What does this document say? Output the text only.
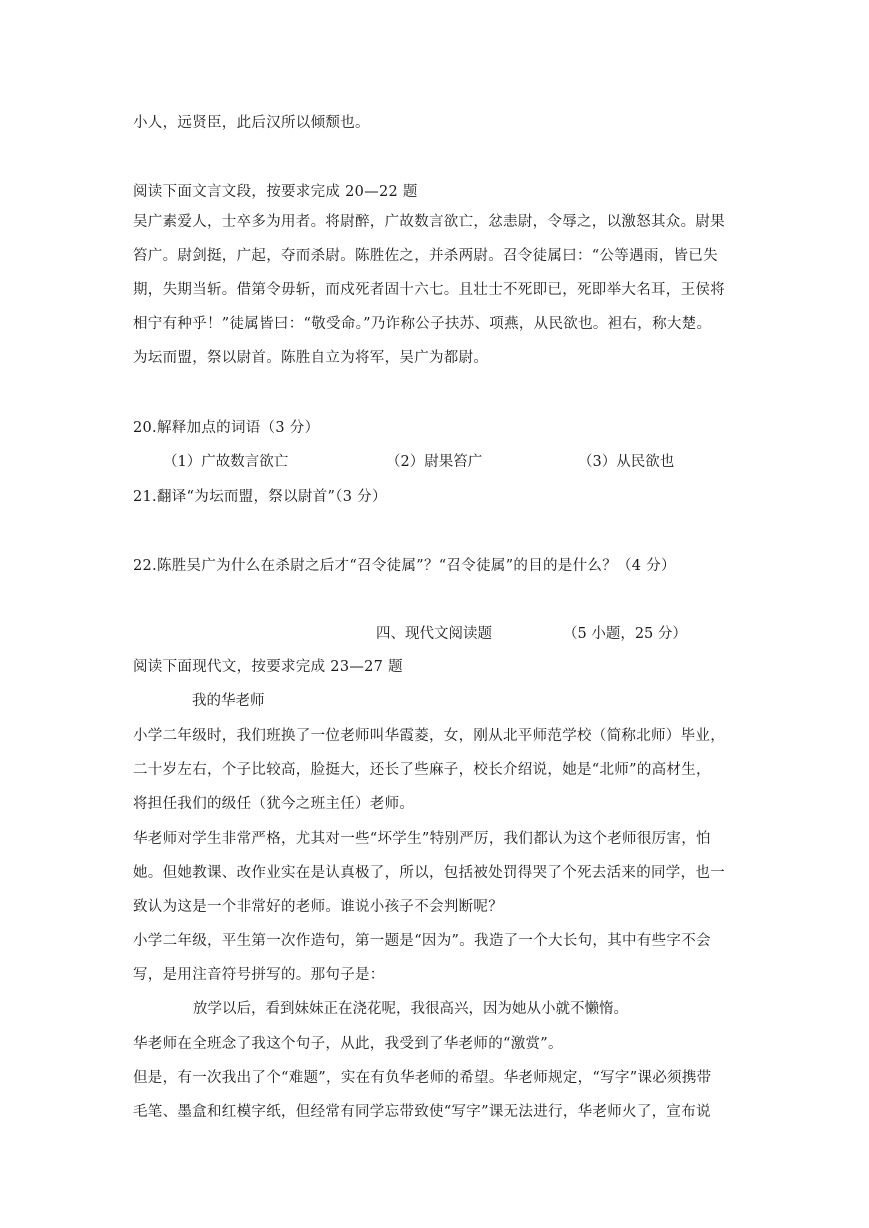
小人，远贤臣，此后汉所以倾颓也。
阅读下面文言文段，按要求完成 20—22 题
吴广素爱人，士卒多为用者。将尉醉，广故数言欲亡，忿恚尉，令辱之，以激怒其众。尉果
笞广。尉剑挺，广起，夺而杀尉。陈胜佐之，并杀两尉。召令徒属曰：“公等遇雨，皆已失
期，失期当斩。借第令毋斩，而戍死者固十六七。且壮士不死即已，死即举大名耳，王侯将
相宁有种乎！”徒属皆曰：“敬受命。”乃诈称公子扶苏、项燕，从民欲也。袒右，称大楚。
为坛而盟，祭以尉首。陈胜自立为将军，吴广为都尉。
20.解释加点的词语（3 分）
（1）广故数言欲亡	（2）尉果笞广	（3）从民欲也
21.翻译“为坛而盟，祭以尉首”（3 分）
22.陈胜吴广为什么在杀尉之后才“召令徒属”？“召令徒属”的目的是什么？（4 分）
四、现代文阅读题	（5 小题，25 分）
阅读下面现代文，按要求完成 23—27 题
我的华老师
小学二年级时，我们班换了一位老师叫华霞菱，女，刚从北平师范学校（简称北师）毕业，
二十岁左右，个子比较高，脸挺大，还长了些麻子，校长介绍说，她是“北师”的高材生，
将担任我们的级任（犹今之班主任）老师。
华老师对学生非常严格，尤其对一些“坏学生”特别严厉，我们都认为这个老师很厉害，怕
她。但她教课、改作业实在是认真极了，所以，包括被处罚得哭了个死去活来的同学，也一
致认为这是一个非常好的老师。谁说小孩子不会判断呢？
小学二年级，平生第一次作造句，第一题是“因为”。我造了一个大长句，其中有些字不会
写，是用注音符号拼写的。那句子是：
放学以后，看到妹妹正在浇花呢，我很高兴，因为她从小就不懒惰。
华老师在全班念了我这个句子，从此，我受到了华老师的“激赏”。
但是，有一次我出了个“难题”，实在有负华老师的希望。华老师规定，“写字”课必须携带
毛笔、墨盒和红模字纸，但经常有同学忘带致使“写字”课无法进行，华老师火了，宣布说
